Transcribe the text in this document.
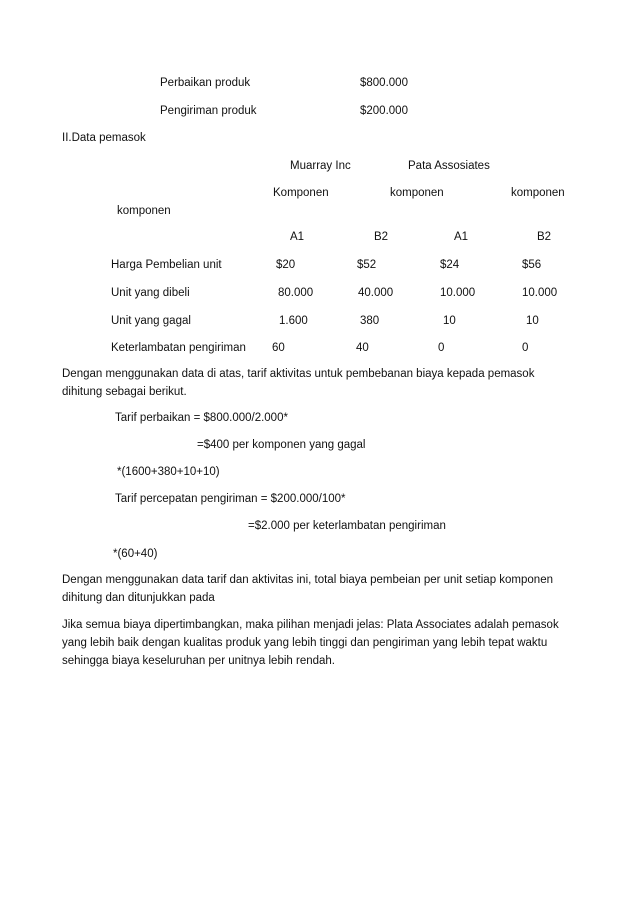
Perbaikan produk	$800.000
Pengiriman produk	$200.000
II.Data pemasok
Muarray Inc	Pata Assosiates
Komponen	komponen	komponen
komponen
A1	B2	A1	B2
Harga Pembelian unit	$20	$52	$24	$56
Unit yang dibeli	80.000	40.000	10.000	10.000
Unit yang gagal	1.600	380	10	10
Keterlambatan pengiriman 60	40	0	0
Dengan menggunakan data di atas, tarif aktivitas untuk pembebanan biaya kepada pemasok
dihitung sebagai berikut.
Tarif perbaikan = $800.000/2.000*
=$400 per komponen yang gagal
*(1600+380+10+10)
Tarif percepatan pengiriman = $200.000/100*
=$2.000 per keterlambatan pengiriman
*(60+40)
Dengan menggunakan data tarif dan aktivitas ini, total biaya pembeian per unit setiap komponen
dihitung dan ditunjukkan pada
Jika semua biaya dipertimbangkan, maka pilihan menjadi jelas: Plata Associates adalah pemasok
yang lebih baik dengan kualitas produk yang lebih tinggi dan pengiriman yang lebih tepat waktu
sehingga biaya keseluruhan per unitnya lebih rendah.
